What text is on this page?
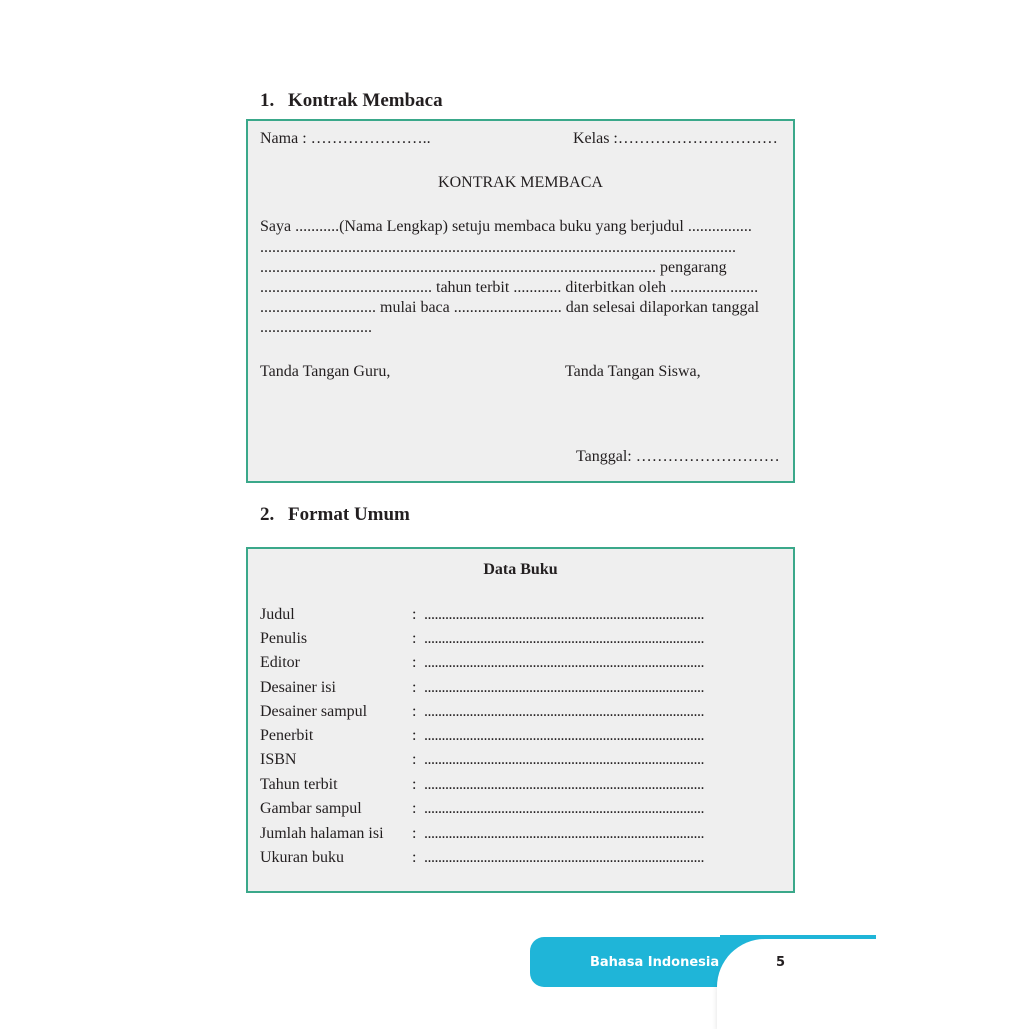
1. Kontrak Membaca
Nama : …………………..	Kelas :…………………………
KONTRAK MEMBACA
Saya ...........(Nama Lengkap) setuju membaca buku yang berjudul ................
.......................................................................................................................
................................................................................................... pengarang
........................................... tahun terbit ............ diterbitkan oleh ......................
............................. mulai baca ........................... dan selesai dilaporkan tanggal
............................
Tanda Tangan Guru,	Tanda Tangan Siswa,
Tanggal: ………………………
2. Format Umum
Data Buku
Judul	: ................................................................................
Penulis	: ................................................................................
Editor	: ................................................................................
Desainer isi	: ................................................................................
Desainer sampul	: ................................................................................
Penerbit	: ................................................................................
ISBN	: ................................................................................
Tahun terbit	: ................................................................................
Gambar sampul	: ................................................................................
Jumlah halaman isi : ................................................................................
Ukuran buku	: ................................................................................
Bahasa Indonesia	5
